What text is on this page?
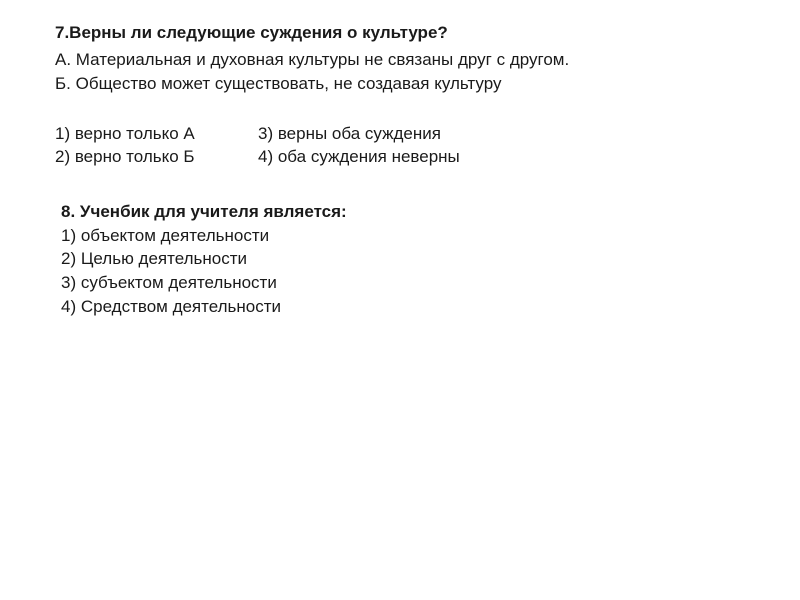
7.Верны ли следующие суждения о культуре?
А. Материальная и духовная культуры не связаны друг с другом.
Б. Общество может существовать, не создавая культуру
1) верно только А
2) верно только Б
3) верны оба суждения
4) оба суждения неверны
8. Ученбик для учителя является:
1) объектом деятельности
2) Целью деятельности
3) субъектом деятельности
4) Средством деятельности
